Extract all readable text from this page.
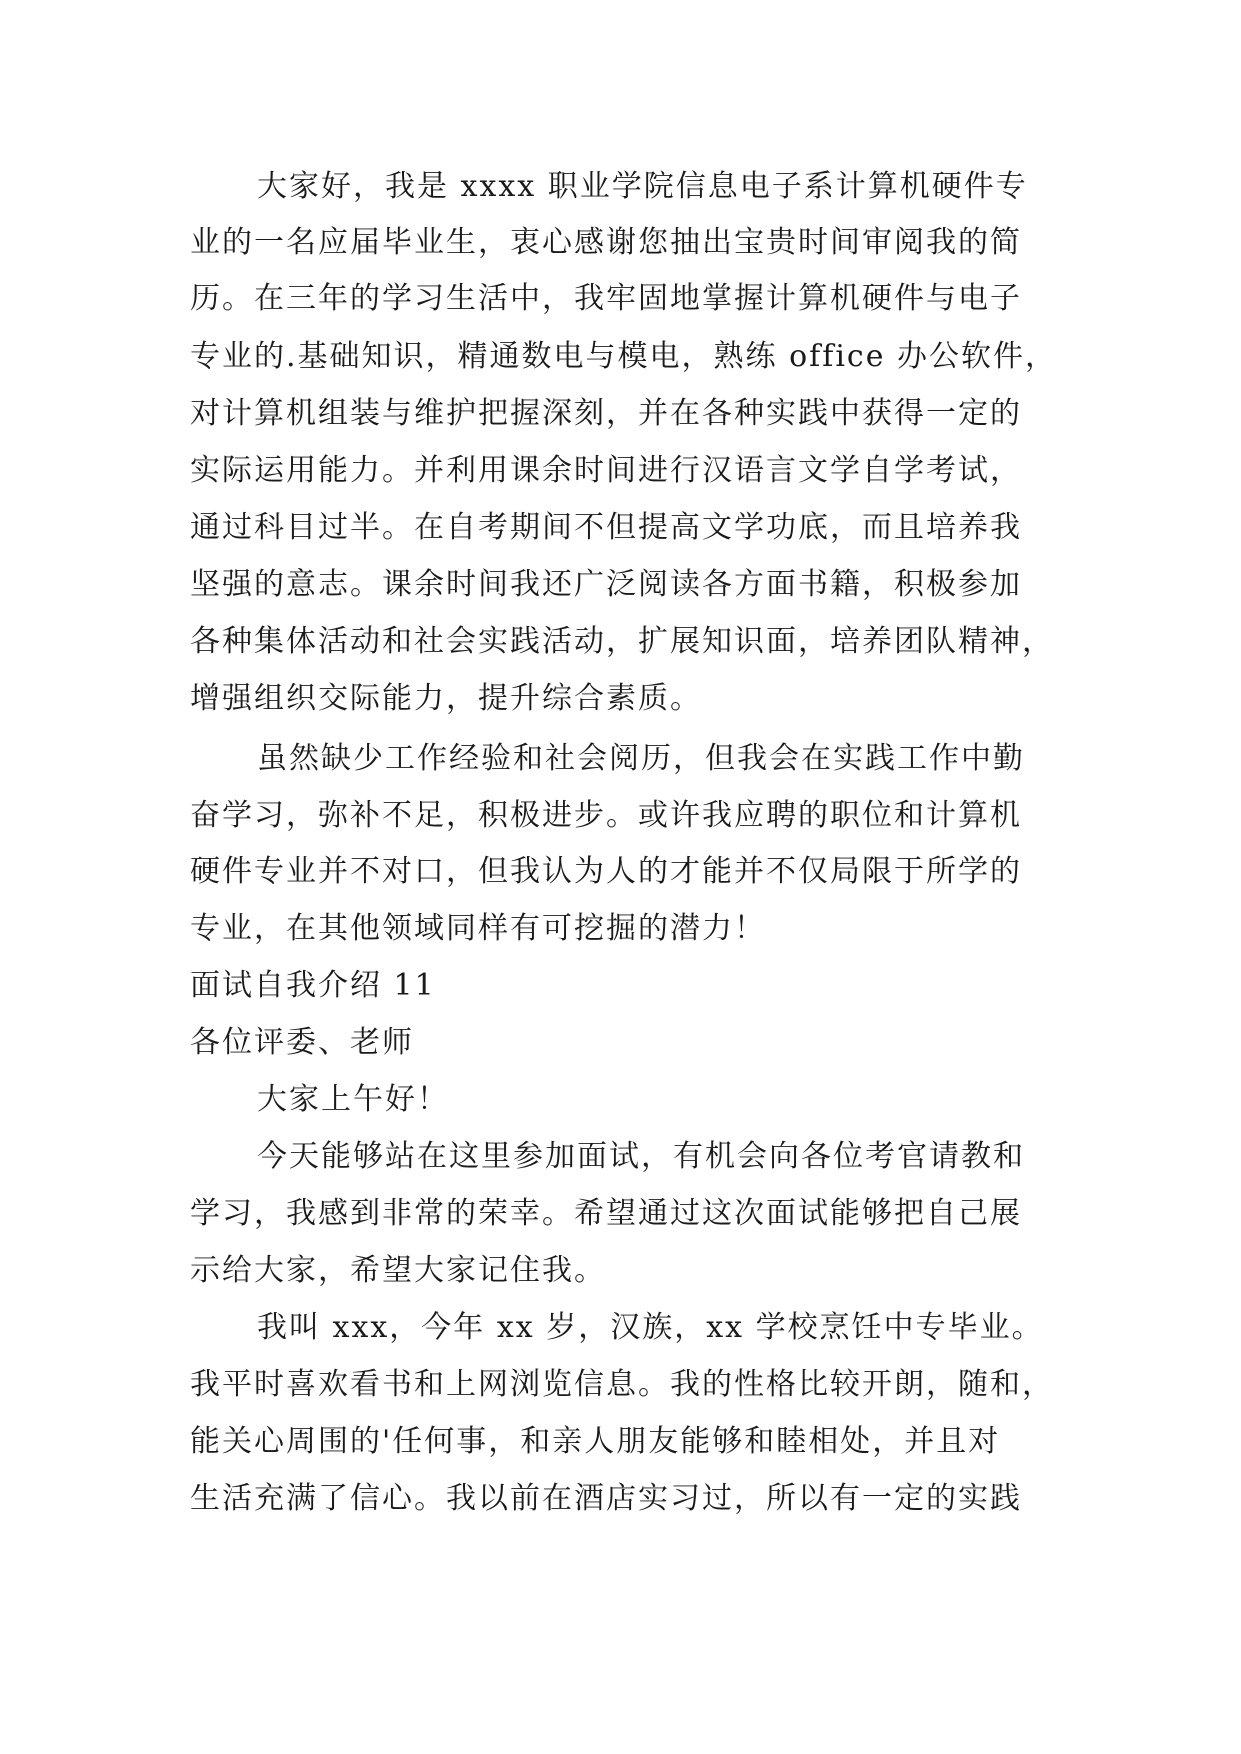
大家好，我是 xxxx 职业学院信息电子系计算机硬件专
业的一名应届毕业生，衷心感谢您抽出宝贵时间审阅我的简
历。在三年的学习生活中，我牢固地掌握计算机硬件与电子
专业的.基础知识，精通数电与模电，熟练 office 办公软件，
对计算机组装与维护把握深刻，并在各种实践中获得一定的
实际运用能力。并利用课余时间进行汉语言文学自学考试，
通过科目过半。在自考期间不但提高文学功底，而且培养我
坚强的意志。课余时间我还广泛阅读各方面书籍，积极参加
各种集体活动和社会实践活动，扩展知识面，培养团队精神，
增强组织交际能力，提升综合素质。
虽然缺少工作经验和社会阅历，但我会在实践工作中勤
奋学习，弥补不足，积极进步。或许我应聘的职位和计算机
硬件专业并不对口，但我认为人的才能并不仅局限于所学的
专业，在其他领域同样有可挖掘的潜力！
面试自我介绍 11
各位评委、老师
大家上午好！
今天能够站在这里参加面试，有机会向各位考官请教和
学习，我感到非常的荣幸。希望通过这次面试能够把自己展
示给大家，希望大家记住我。
我叫 xxx，今年 xx 岁，汉族，xx 学校烹饪中专毕业。
我平时喜欢看书和上网浏览信息。我的性格比较开朗，随和，
能关心周围的'任何事，和亲人朋友能够和睦相处，并且对
生活充满了信心。我以前在酒店实习过，所以有一定的实践
